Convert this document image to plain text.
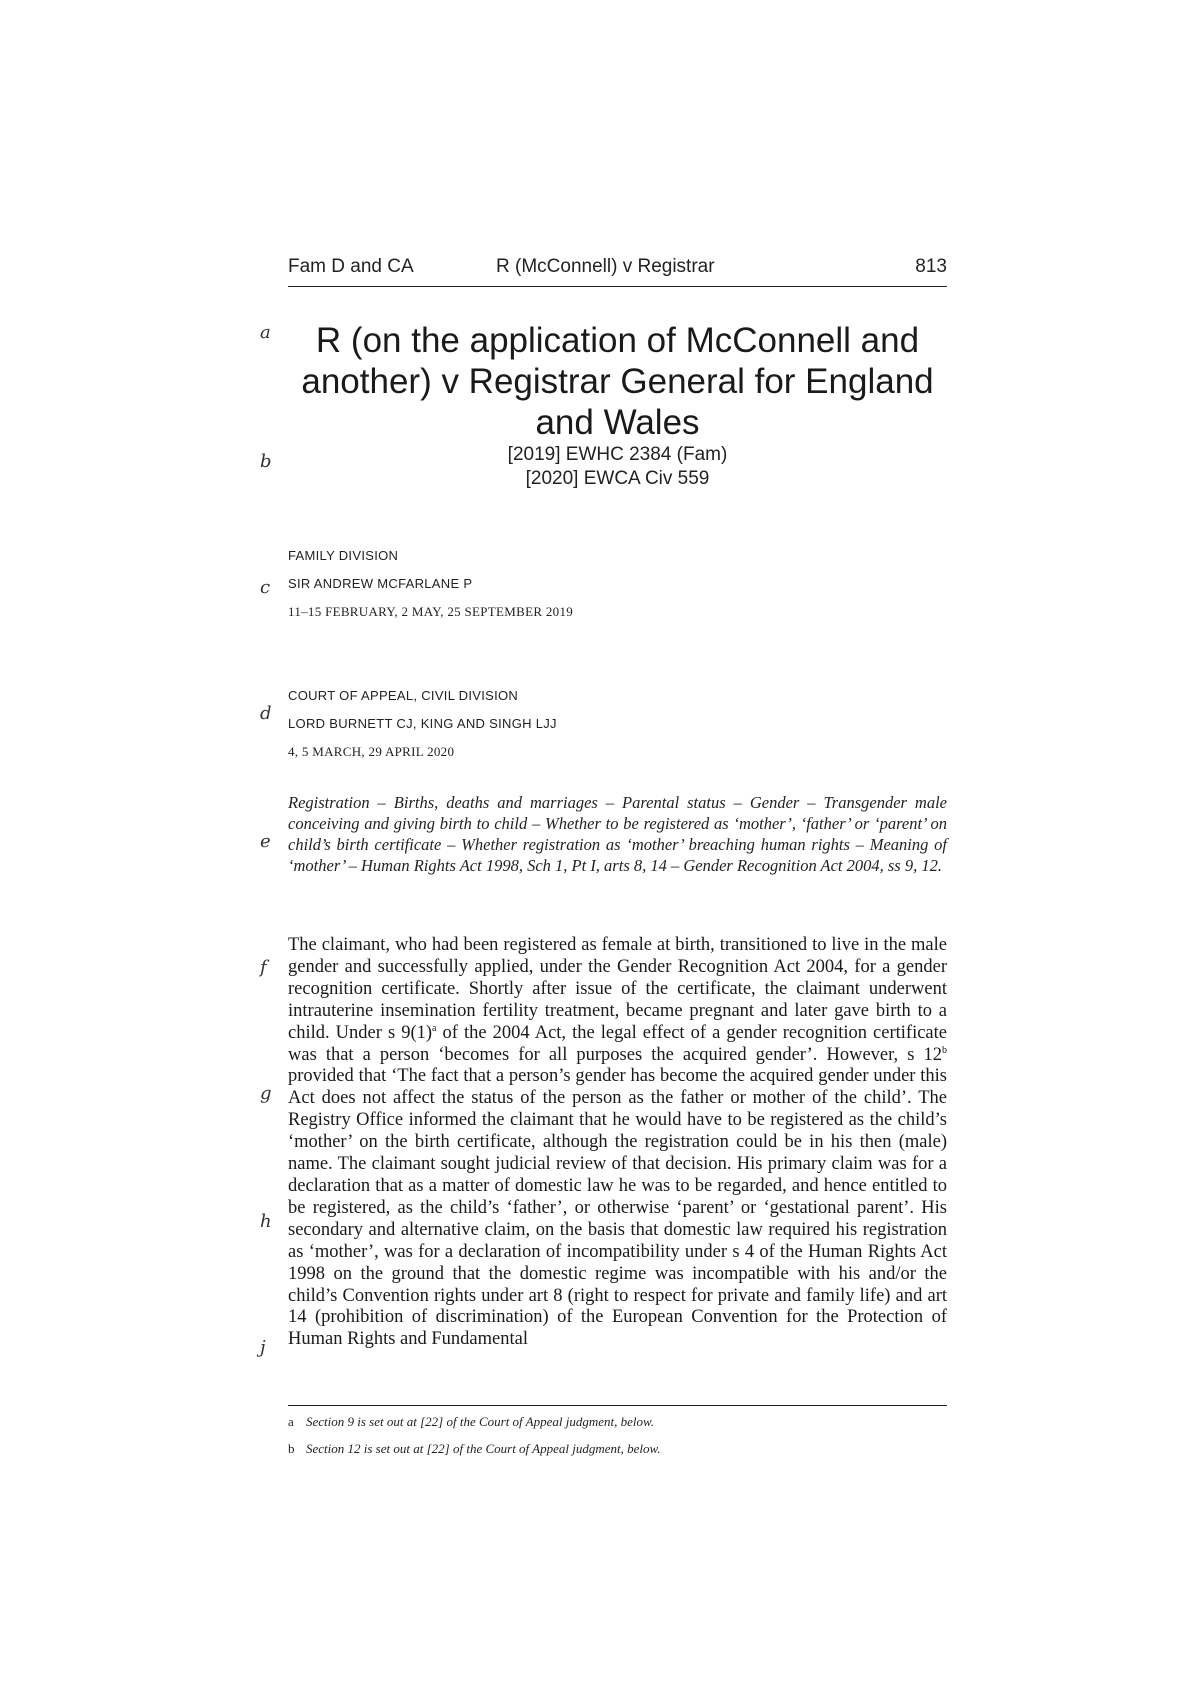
Fam D and CA	R (McConnell) v Registrar	813
a
b
c
d
e
f
g
h
j
R (on the application of McConnell and another) v Registrar General for England and Wales
[2019] EWHC 2384 (Fam)
[2020] EWCA Civ 559
FAMILY DIVISION
SIR ANDREW MCFARLANE P
11–15 FEBRUARY, 2 MAY, 25 SEPTEMBER 2019
COURT OF APPEAL, CIVIL DIVISION
LORD BURNETT CJ, KING AND SINGH LJJ
4, 5 MARCH, 29 APRIL 2020

Registration – Births, deaths and marriages – Parental status – Gender – Transgender male conceiving and giving birth to child – Whether to be registered as ‘mother’, ‘father’ or ‘parent’ on child’s birth certificate – Whether registration as ‘mother’ breaching human rights – Meaning of ‘mother’ – Human Rights Act 1998, Sch 1, Pt I, arts 8, 14 – Gender Recognition Act 2004, ss 9, 12.

The claimant, who had been registered as female at birth, transitioned to live in the male gender and successfully applied, under the Gender Recognition Act 2004, for a gender recognition certificate. Shortly after issue of the certificate, the claimant underwent intrauterine insemination fertility treatment, became pregnant and later gave birth to a child. Under s $9(1)^a$ of the 2004 Act, the legal effect of a gender recognition certificate was that a person ‘becomes for all purposes the acquired gender’. However, s 12$^b$ provided that ‘The fact that a person’s gender has become the acquired gender under this Act does not affect the status of the person as the father or mother of the child’. The Registry Office informed the claimant that he would have to be registered as the child’s ‘mother’ on the birth certificate, although the registration could be in his then (male) name. The claimant sought judicial review of that decision. His primary claim was for a declaration that as a matter of domestic law he was to be regarded, and hence entitled to be registered, as the child’s ‘father’, or otherwise ‘parent’ or ‘gestational parent’. His secondary and alternative claim, on the basis that domestic law required his registration as ‘mother’, was for a declaration of incompatibility under s 4 of the Human Rights Act 1998 on the ground that the domestic regime was incompatible with his and/or the child’s Convention rights under art 8 (right to respect for private and family life) and art 14 (prohibition of discrimination) of the European Convention for the Protection of Human Rights and Fundamental

a Section 9 is set out at [22] of the Court of Appeal judgment, below.
b Section 12 is set out at [22] of the Court of Appeal judgment, below.
